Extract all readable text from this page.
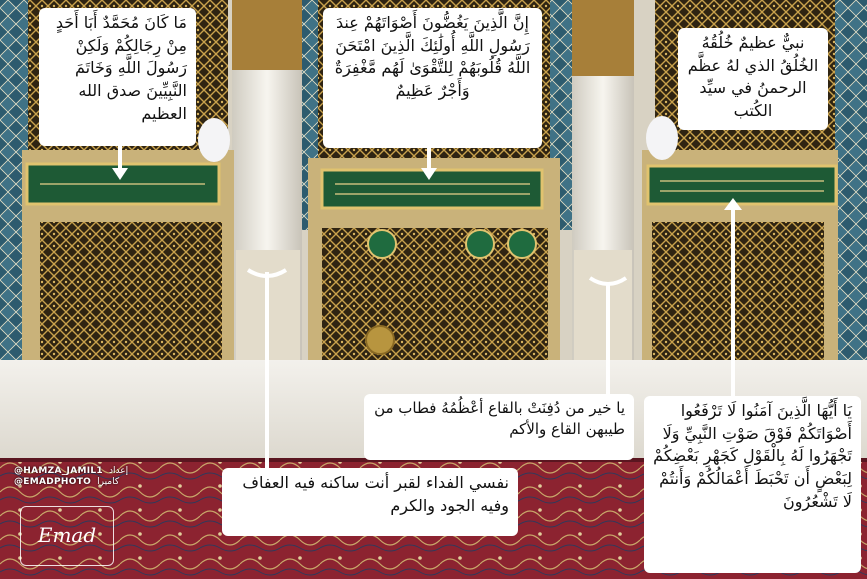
مَا كَانَ مُحَمَّدٌ أَبَا أَحَدٍ مِنْ رِجَالِكُمْ وَلَكِنْ رَسُولَ اللَّهِ وَخَاتَمَ النَّبِيِّينَ صدق الله العظيم
إِنَّ الَّذِينَ يَغُضُّونَ أَصْوَاتَهُمْ عِندَ رَسُولِ اللَّهِ أُولَٰئِكَ الَّذِينَ امْتَحَنَ اللَّهُ قُلُوبَهُمْ لِلتَّقْوَىٰ لَهُم مَّغْفِرَةٌ وَأَجْرٌ عَظِيمٌ
نبيٌّ عظيمٌ خُلُقُهُ الخُلُقُ الذي لهُ عظَّم الرحمنُ في سيِّد الكُتب
يا خير من دُفِنَتْ بالقاع أعْظُمُهُ فطاب من طيبهن القاع والأكم
نفسي الفداء لقبر أنت ساكنه فيه العفاف وفيه الجود والكرم
يَا أَيُّهَا الَّذِينَ آمَنُوا لَا تَرْفَعُوا أَصْوَاتَكُمْ فَوْقَ صَوْتِ النَّبِيِّ وَلَا تَجْهَرُوا لَهُ بِالْقَوْلِ كَجَهْرِ بَعْضِكُمْ لِبَعْضٍ أَن تَحْبَطَ أَعْمَالُكُمْ وَأَنتُمْ لَا تَشْعُرُونَ
@HAMZA_JAMIL1 إعداد
@EMADPHOTO كاميرا
Emad
